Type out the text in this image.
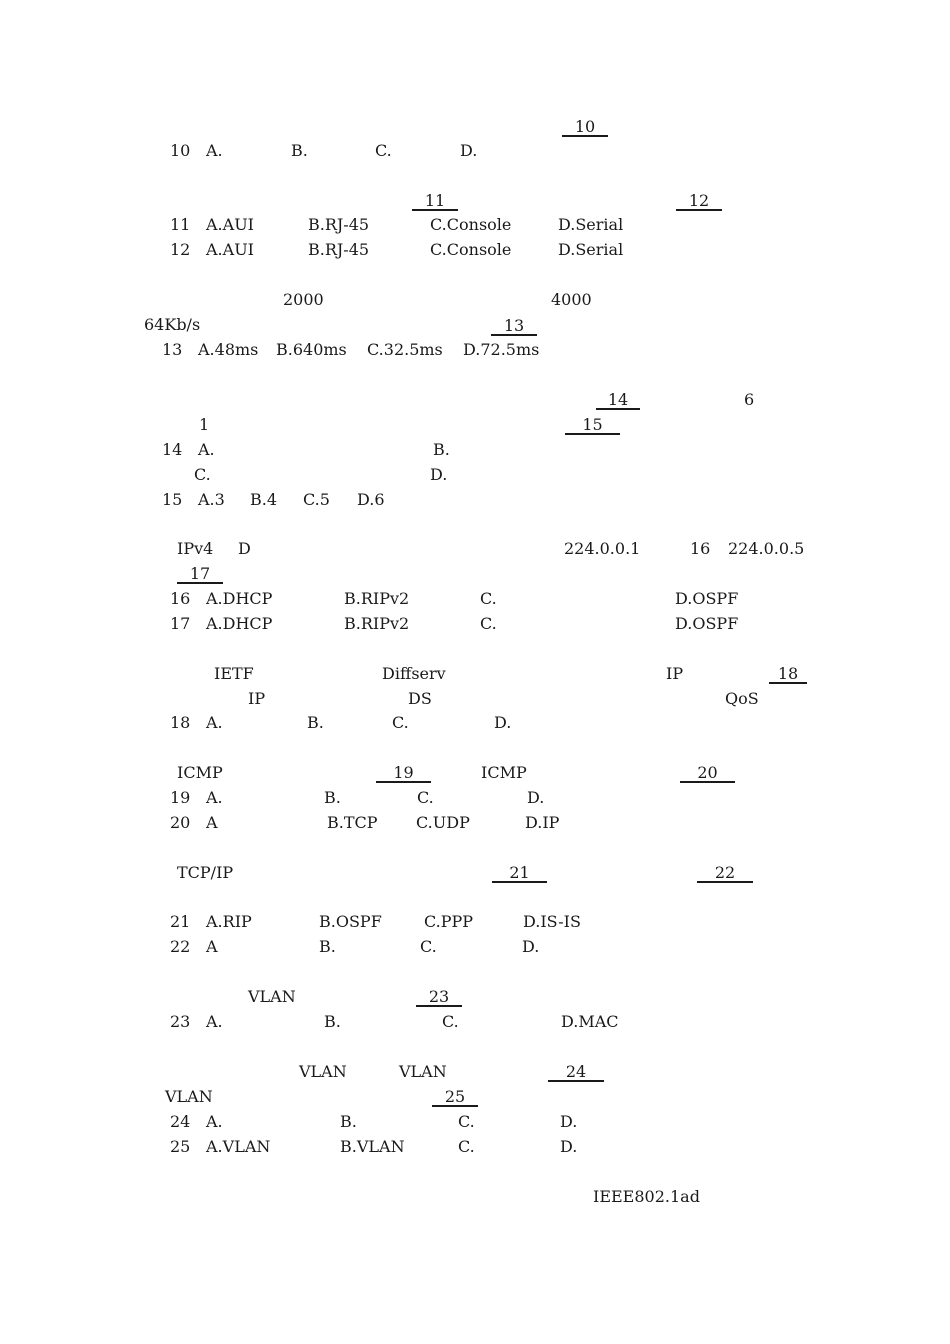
10
10 A.	B.	C.	D.
11	12
11 A.AUI	B.RJ-45	C.Console	D.Serial
12 A.AUI	B.RJ-45	C.Console	D.Serial
2000	4000
64Kb/s	13
13 A.48ms B.640ms C.32.5ms D.72.5ms
14	6
1	15
14 A.	B.
C.	D.
15 A.3 B.4 C.5 D.6
IPv4 D	224.0.0.1	16 224.0.0.5
17
16 A.DHCP	B.RIPv2	C.	D.OSPF
17 A.DHCP	B.RIPv2	C.	D.OSPF
IETF	Diffserv	IP	18
IP	DS	QoS
18 A.	B.	C.	D.
ICMP	19	ICMP	20
19 A.	B.	C.	D.
20 A	B.TCP C.UDP	D.IP
TCP/IP	21	22
21 A.RIP	B.OSPF	C.PPP	D.IS-IS
22 A	B.	C.	D.
VLAN	23
23 A.	B.	C.	D.MAC
VLAN	VLAN	24
VLAN	25
24 A.	B.	C.	D.
25 A.VLAN	B.VLAN	C.	D.
IEEE802.1ad
